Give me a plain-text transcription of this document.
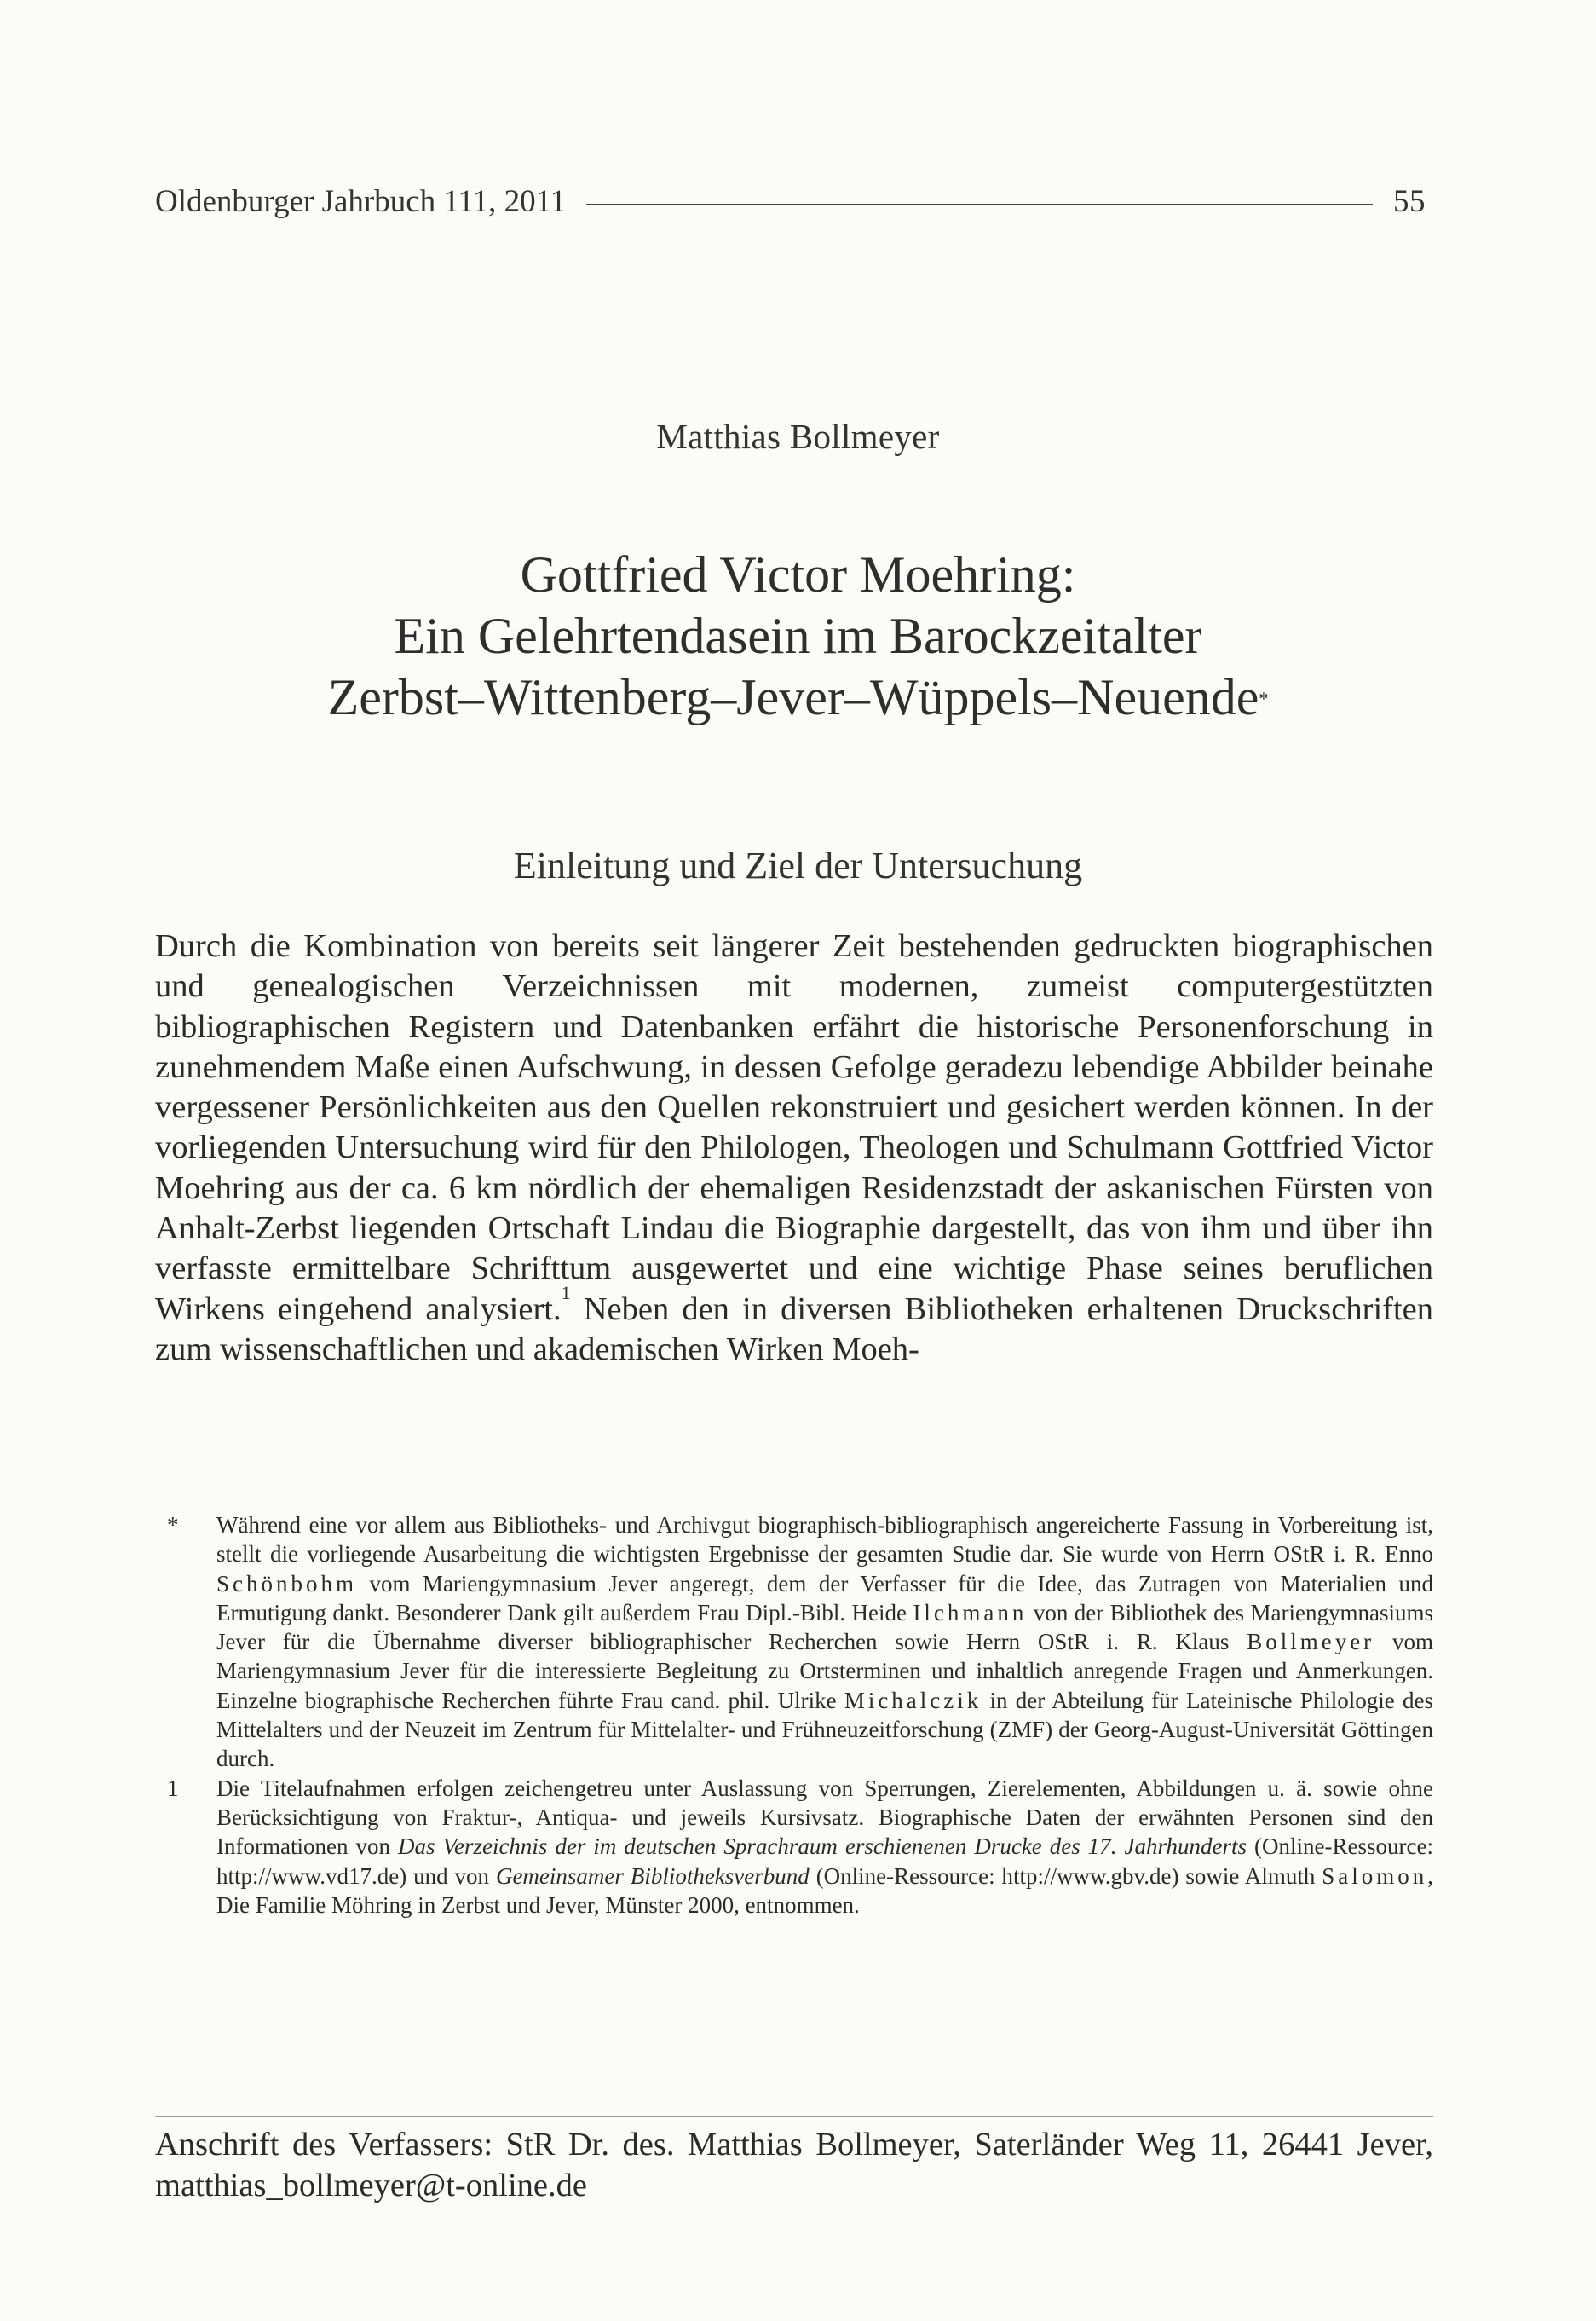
Oldenburger Jahrbuch 111, 2011	55
Matthias Bollmeyer
Gottfried Victor Moehring:
Ein Gelehrtendasein im Barockzeitalter
Zerbst–Wittenberg–Jever–Wüppels–Neuende*
Einleitung und Ziel der Untersuchung
Durch die Kombination von bereits seit längerer Zeit bestehenden gedruckten biographischen und genealogischen Verzeichnissen mit modernen, zumeist computergestützten bibliographischen Registern und Datenbanken erfährt die historische Personenforschung in zunehmendem Maße einen Aufschwung, in dessen Gefolge geradezu lebendige Abbilder beinahe vergessener Persönlichkeiten aus den Quellen rekonstruiert und gesichert werden können. In der vorliegenden Untersuchung wird für den Philologen, Theologen und Schulmann Gottfried Victor Moehring aus der ca. 6 km nördlich der ehemaligen Residenzstadt der askanischen Fürsten von Anhalt-Zerbst liegenden Ortschaft Lindau die Biographie dargestellt, das von ihm und über ihn verfasste ermittelbare Schrifttum ausgewertet und eine wichtige Phase seines beruflichen Wirkens eingehend analysiert.$^1$ Neben den in diversen Bibliotheken erhaltenen Druckschriften zum wissenschaftlichen und akademischen Wirken Moeh-
*	Während eine vor allem aus Bibliotheks- und Archivgut biographisch-bibliographisch angereicherte Fassung in Vorbereitung ist, stellt die vorliegende Ausarbeitung die wichtigsten Ergebnisse der gesamten Studie dar. Sie wurde von Herrn OStR i. R. Enno Schönbohm vom Mariengymnasium Jever angeregt, dem der Verfasser für die Idee, das Zutragen von Materialien und Ermutigung dankt. Besonderer Dank gilt außerdem Frau Dipl.-Bibl. Heide Ilchmann von der Bibliothek des Mariengymnasiums Jever für die Übernahme diverser bibliographischer Recherchen sowie Herrn OStR i. R. Klaus Bollmeyer vom Mariengymnasium Jever für die interessierte Begleitung zu Ortsterminen und inhaltlich anregende Fragen und Anmerkungen. Einzelne biographische Recherchen führte Frau cand. phil. Ulrike Michalczik in der Abteilung für Lateinische Philologie des Mittelalters und der Neuzeit im Zentrum für Mittelalter- und Frühneuzeitforschung (ZMF) der Georg-August-Universität Göttingen durch.
1	Die Titelaufnahmen erfolgen zeichengetreu unter Auslassung von Sperrungen, Zierelementen, Abbildungen u. ä. sowie ohne Berücksichtigung von Fraktur-, Antiqua- und jeweils Kursivsatz. Biographische Daten der erwähnten Personen sind den Informationen von Das Verzeichnis der im deutschen Sprachraum erschienenen Drucke des 17. Jahrhunderts (Online-Ressource: http://www.vd17.de) und von Gemeinsamer Bibliotheksverbund (Online-Ressource: http://www.gbv.de) sowie Almuth Salomon, Die Familie Möhring in Zerbst und Jever, Münster 2000, entnommen.
Anschrift des Verfassers: StR Dr. des. Matthias Bollmeyer, Saterländer Weg 11, 26441 Jever, matthias_bollmeyer@t-online.de
